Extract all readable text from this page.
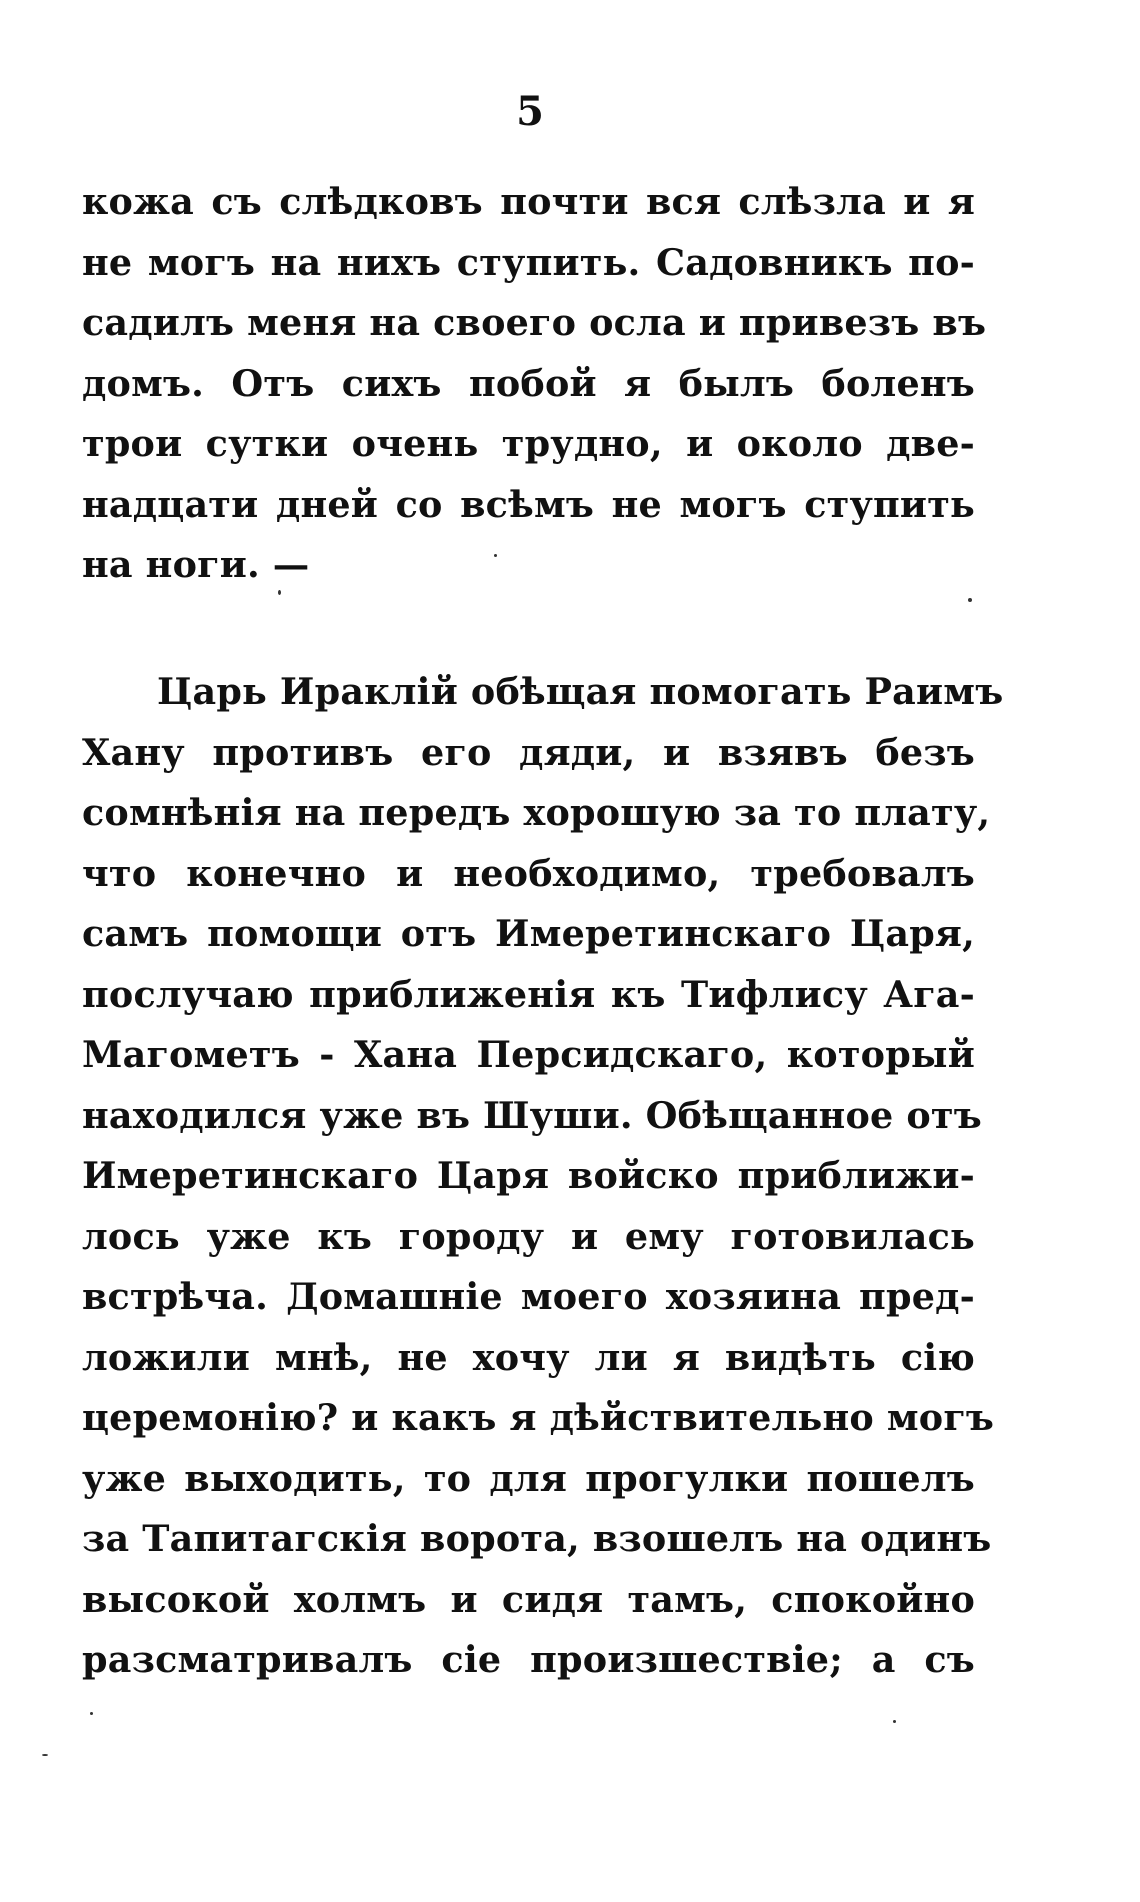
5
кожа съ слѣдковъ почти вся слѣзла и я
не могъ на нихъ ступить. Садовникъ по-
садилъ меня на своего осла и привезъ въ
домъ. Отъ сихъ побой я былъ боленъ
трои сутки очень трудно, и около две-
надцати дней со всѣмъ не могъ ступить
на ноги. —
Царь Ираклій обѣщая помогать Раимъ
Хану противъ его дяди, и взявъ безъ
сомнѣнія на передъ хорошую за то плату,
что конечно и необходимо, требовалъ
самъ помощи отъ Имеретинскаго Царя,
послучаю приближенія къ Тифлису Ага-
Магометъ - Хана Персидскаго, который
находился уже въ Шуши. Обѣщанное отъ
Имеретинскаго Царя войско приближи-
лось уже къ городу и ему готовилась
встрѣча. Домашніе моего хозяина пред-
ложили мнѣ, не хочу ли я видѣть сію
церемонію? и какъ я дѣйствительно могъ
уже выходить, то для прогулки пошелъ
за Тапитагскія ворота, взошелъ на одинъ
высокой холмъ и сидя тамъ, спокойно
разсматривалъ сіе произшествіе; а съ
